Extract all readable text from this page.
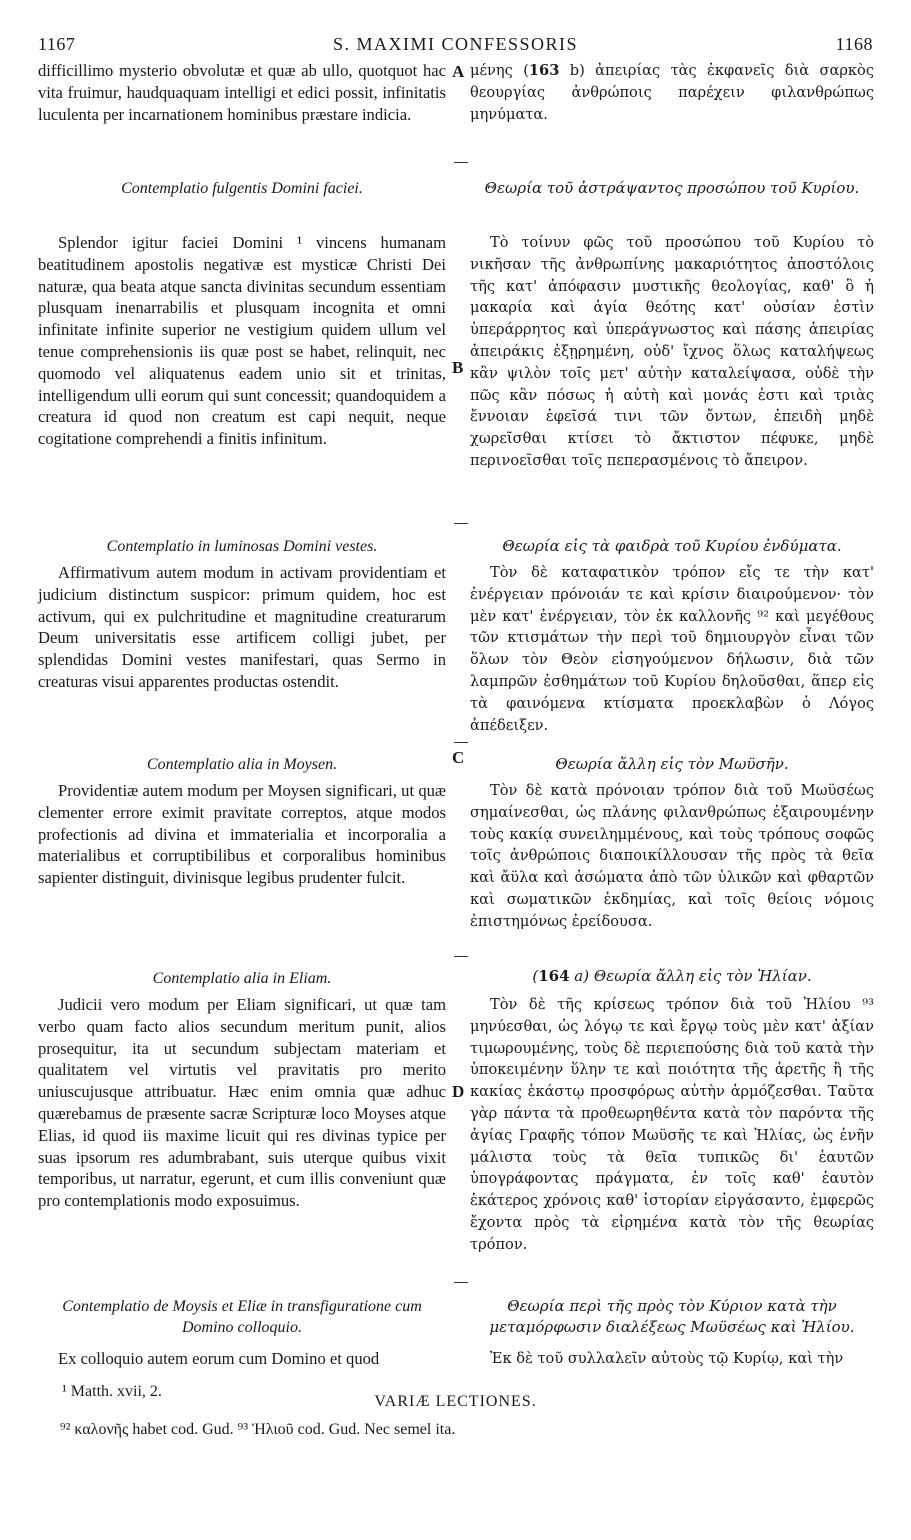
1167	S. MAXIMI CONFESSORIS	1168
A
B
C
D

difficillimo mysterio obvolutæ et quæ ab ullo, quotquot hac vita fruimur, haudquaquam intelligi et edici possit, infinitatis luculenta per incarnationem hominibus præstare indicia.

Contemplatio fulgentis Domini faciei.

Splendor igitur faciei Domini ¹ vincens humanam beatitudinem apostolis negativæ est mysticæ Christi Dei naturæ, qua beata atque sancta divinitas secundum essentiam plusquam inenarrabilis et plusquam incognita et omni infinitate infinite superior ne vestigium quidem ullum vel tenue comprehensionis iis quæ post se habet, relinquit, nec quomodo vel aliquatenus eadem unio sit et trinitas, intelligendum ulli eorum qui sunt concessit; quandoquidem a creatura id quod non creatum est capi nequit, neque cogitatione comprehendi a finitis infinitum.

Contemplatio in luminosas Domini vestes.

Affirmativum autem modum in activam providentiam et judicium distinctum suspicor: primum quidem, hoc est activum, qui ex pulchritudine et magnitudine creaturarum Deum universitatis esse artificem colligi jubet, per splendidas Domini vestes manifestari, quas Sermo in creaturas visui apparentes productas ostendit.

Contemplatio alia in Moysen.

Providentiæ autem modum per Moysen significari, ut quæ clementer errore eximit pravitate correptos, atque modos profectionis ad divina et immaterialia et incorporalia a materialibus et corruptibilibus et corporalibus hominibus sapienter distinguit, divinisque legibus prudenter fulcit.

Contemplatio alia in Eliam.

Judicii vero modum per Eliam significari, ut quæ tam verbo quam facto alios secundum meritum punit, alios prosequitur, ita ut secundum subjectam materiam et qualitatem vel virtutis vel pravitatis pro merito uniuscujusque attribuatur. Hæc enim omnia quæ adhuc quærebamus de præsente sacræ Scripturæ loco Moyses atque Elias, id quod iis maxime licuit qui res divinas typice per suas ipsorum res adumbrabant, suis uterque quibus vixit temporibus, ut narratur, egerunt, et cum illis conveniunt quæ pro contemplationis modo exposuimus.

Contemplatio de Moysis et Eliæ in transfiguratione cum Domino colloquio.

Ex colloquio autem eorum cum Domino et quod

μένης (163 b) ἀπειρίας τὰς ἐκφανεῖς διὰ σαρκὸς θεουργίας ἀνθρώποις παρέχειν φιλανθρώπως μηνύματα.

Θεωρία τοῦ ἀστράψαντος προσώπου τοῦ Κυρίου.

Τὸ τοίνυν φῶς τοῦ προσώπου τοῦ Κυρίου τὸ νικῆσαν τῆς ἀνθρωπίνης μακαριότητος ἀποστόλοις τῆς κατ' ἀπόφασιν μυστικῆς θεολογίας, καθ' ὃ ἡ μακαρία καὶ ἁγία θεότης κατ' οὐσίαν ἐστὶν ὑπεράρρητος καὶ ὑπεράγνωστος καὶ πάσης ἀπειρίας ἀπειράκις ἐξῃρημένη, οὐδ' ἴχνος ὅλως καταλήψεως κἂν ψιλὸν τοῖς μετ' αὐτὴν καταλείψασα, οὐδὲ τὴν πῶς κἂν πόσως ἡ αὐτὴ καὶ μονάς ἐστι καὶ τριὰς ἔννοιαν ἐφεῖσά τινι τῶν ὄντων, ἐπειδὴ μηδὲ χωρεῖσθαι κτίσει τὸ ἄκτιστον πέφυκε, μηδὲ περινοεῖσθαι τοῖς πεπερασμένοις τὸ ἄπειρον.

Θεωρία εἰς τὰ φαιδρὰ τοῦ Κυρίου ἐνδύματα.

Τὸν δὲ καταφατικὸν τρόπον εἴς τε τὴν κατ' ἐνέργειαν πρόνοιάν τε καὶ κρίσιν διαιρούμενον· τὸν μὲν κατ' ἐνέργειαν, τὸν ἐκ καλλονῆς ⁹² καὶ μεγέθους τῶν κτισμάτων τὴν περὶ τοῦ δημιουργὸν εἶναι τῶν ὅλων τὸν Θεὸν εἰσηγούμενον δήλωσιν, διὰ τῶν λαμπρῶν ἐσθημάτων τοῦ Κυρίου δηλοῦσθαι, ἅπερ εἰς τὰ φαινόμενα κτίσματα προεκλαβὼν ὁ Λόγος ἀπέδειξεν.

Θεωρία ἄλλη εἰς τὸν Μωϋσῆν.

Τὸν δὲ κατὰ πρόνοιαν τρόπον διὰ τοῦ Μωϋσέως σημαίνεσθαι, ὡς πλάνης φιλανθρώπως ἐξαιρουμένην τοὺς κακίᾳ συνειλημμένους, καὶ τοὺς τρόπους σοφῶς τοῖς ἀνθρώποις διαποικίλλουσαν τῆς πρὸς τὰ θεῖα καὶ ἄϋλα καὶ ἀσώματα ἀπὸ τῶν ὑλικῶν καὶ φθαρτῶν καὶ σωματικῶν ἐκδημίας, καὶ τοῖς θείοις νόμοις ἐπιστημόνως ἐρείδουσα.

(164 a) Θεωρία ἄλλη εἰς τὸν Ἠλίαν.

Τὸν δὲ τῆς κρίσεως τρόπον διὰ τοῦ Ἠλίου ⁹³ μηνύεσθαι, ὡς λόγῳ τε καὶ ἔργῳ τοὺς μὲν κατ' ἀξίαν τιμωρουμένης, τοὺς δὲ περιεπούσης διὰ τοῦ κατὰ τὴν ὑποκειμένην ὕλην τε καὶ ποιότητα τῆς ἀρετῆς ἢ τῆς κακίας ἑκάστῳ προσφόρως αὐτὴν ἁρμόζεσθαι. Ταῦτα γὰρ πάντα τὰ προθεωρηθέντα κατὰ τὸν παρόντα τῆς ἁγίας Γραφῆς τόπον Μωϋσῆς τε καὶ Ἠλίας, ὡς ἐνῆν μάλιστα τοὺς τὰ θεῖα τυπικῶς δι' ἑαυτῶν ὑπογράφοντας πράγματα, ἐν τοῖς καθ' ἑαυτὸν ἑκάτερος χρόνοις καθ' ἱστορίαν εἰργάσαντο, ἐμφερῶς ἔχοντα πρὸς τὰ εἰρημένα κατὰ τὸν τῆς θεωρίας τρόπον.

Θεωρία περὶ τῆς πρὸς τὸν Κύριον κατὰ τὴν μεταμόρφωσιν διαλέξεως Μωϋσέως καὶ Ἠλίου.

Ἐκ δὲ τοῦ συλλαλεῖν αὐτοὺς τῷ Κυρίῳ, καὶ τὴν

¹ Matth. xvii, 2.
VARIÆ LECTIONES.
⁹² καλονῆς habet cod. Gud. ⁹³ Ἠλιοῦ cod. Gud. Nec semel ita.
